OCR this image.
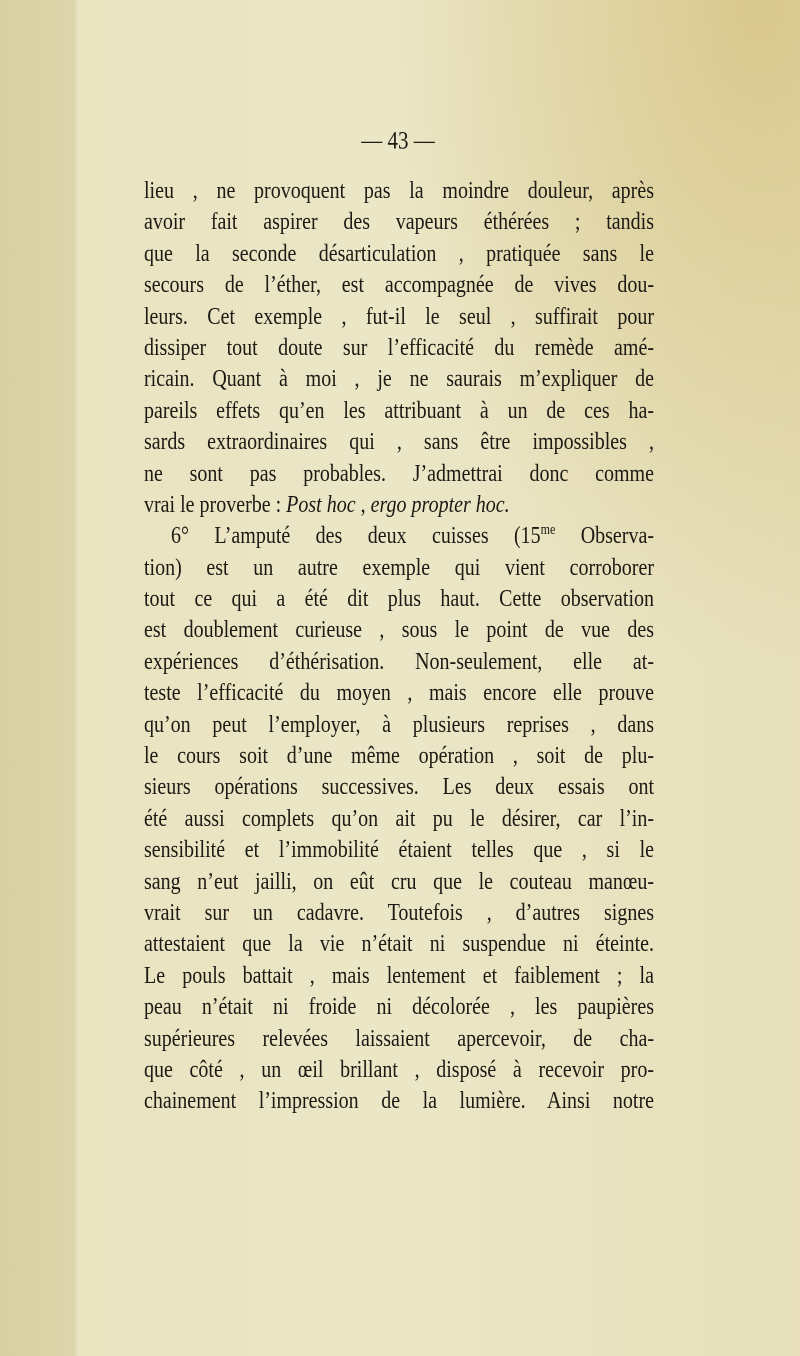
— 43 —
lieu , ne provoquent pas la moindre douleur, après
avoir fait aspirer des vapeurs éthérées ; tandis
que la seconde désarticulation , pratiquée sans le
secours de l’éther, est accompagnée de vives dou-
leurs. Cet exemple , fut-il le seul , suffirait pour
dissiper tout doute sur l’efficacité du remède amé-
ricain. Quant à moi , je ne saurais m’expliquer de
pareils effets qu’en les attribuant à un de ces ha-
sards extraordinaires qui , sans être impossibles ,
ne sont pas probables. J’admettrai donc comme
vrai le proverbe : Post hoc , ergo propter hoc.
6° L’amputé des deux cuisses ($15^{me}$ Observa-
tion) est un autre exemple qui vient corroborer
tout ce qui a été dit plus haut. Cette observation
est doublement curieuse , sous le point de vue des
expériences d’éthérisation. Non-seulement, elle at-
teste l’efficacité du moyen , mais encore elle prouve
qu’on peut l’employer, à plusieurs reprises , dans
le cours soit d’une même opération , soit de plu-
sieurs opérations successives. Les deux essais ont
été aussi complets qu’on ait pu le désirer, car l’in-
sensibilité et l’immobilité étaient telles que , si le
sang n’eut jailli, on eût cru que le couteau manœu-
vrait sur un cadavre. Toutefois , d’autres signes
attestaient que la vie n’était ni suspendue ni éteinte.
Le pouls battait , mais lentement et faiblement ; la
peau n’était ni froide ni décolorée , les paupières
supérieures relevées laissaient apercevoir, de cha-
que côté , un œil brillant , disposé à recevoir pro-
chainement l’impression de la lumière. Ainsi notre
